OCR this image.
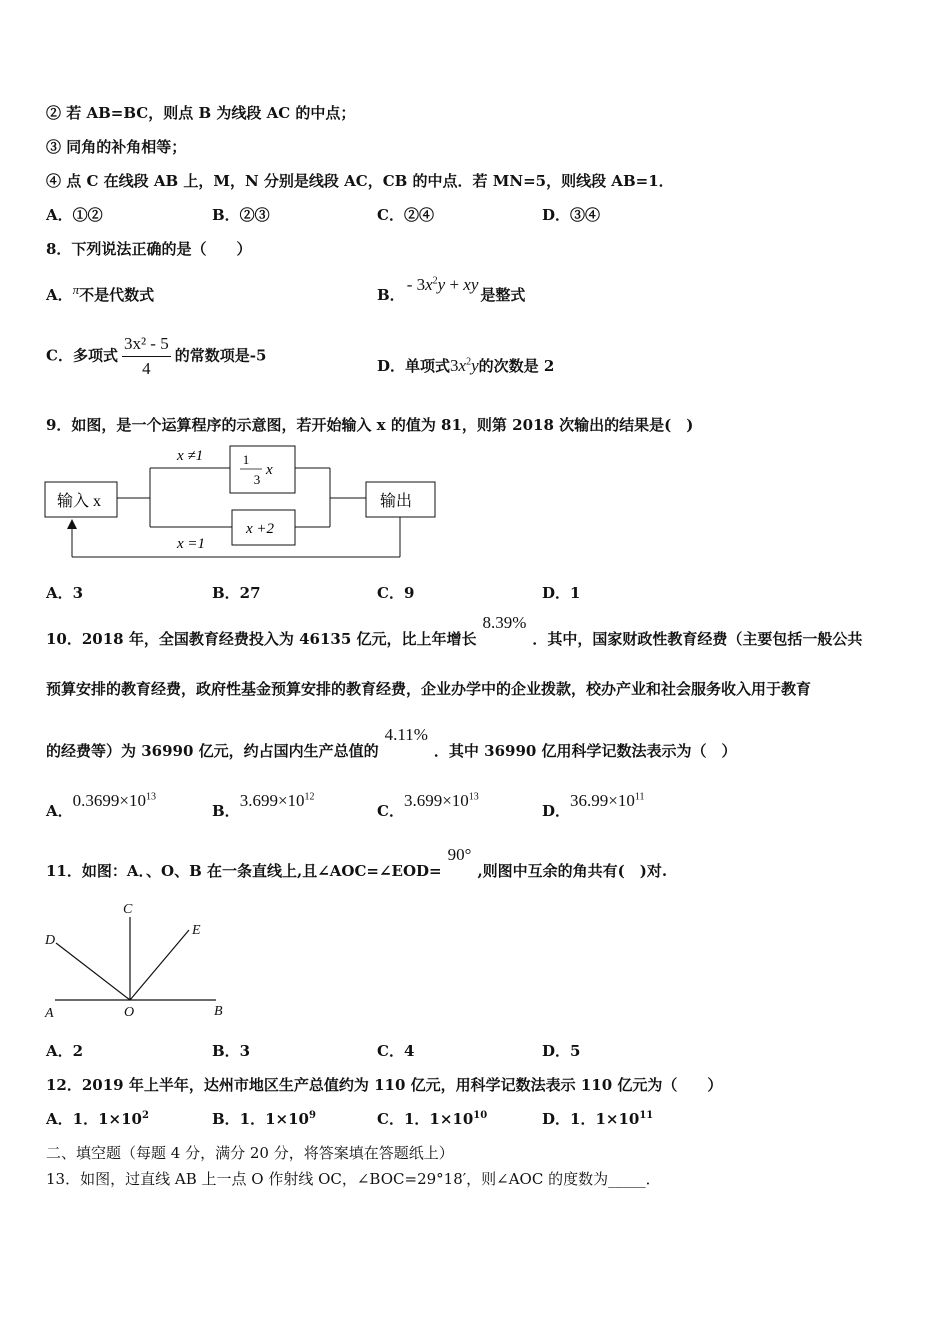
② 若 AB=BC，则点 B 为线段 AC 的中点；
③ 同角的补角相等；
④ 点 C 在线段 AB 上，M，N 分别是线段 AC，CB 的中点．若 MN=5，则线段 AB=1．
A．①②	B．②③	C．②④	D．③④
8．下列说法正确的是（　　）
A．π不是代数式	B．- $3x^2y$ + xy是整式
C．多项式 $\frac{\text{3x² - 5}}{4}$ 的常数项是-5
D．单项式$3x^2y$的次数是 2
9．如图，是一个运算程序的示意图，若开始输入 x 的值为 81，则第 2018 次输出的结果是(　)
输入 x	输出
x ≠1
x =1
1
3
x
x +2
A．3	B．27	C．9	D．1
10．2018 年，全国教育经费投入为 46135 亿元，比上年增长8.39%．其中，国家财政性教育经费（主要包括一般公共
预算安排的教育经费，政府性基金预算安排的教育经费，企业办学中的企业拨款，校办产业和社会服务收入用于教育
的经费等）为 36990 亿元，约占国内生产总值的4.11%．其中 36990 亿用科学记数法表示为（　）
A．$0.3699\times 10^{13}$
B．$3.699\times 10^{12}$
C．$3.699\times 10^{13}$
D．$36.99\times 10^{11}$
11．如图：A．、O、B 在一条直线上,且∠AOC=∠EOD=90°,则图中互余的角共有(　)对.
C
D
E
A	O	B
A．2	B．3	C．4	D．5
12．2019 年上半年，达州市地区生产总值约为 110 亿元，用科学记数法表示 110 亿元为（　　）
A．1．$1\times 10^2$	B．1．$1\times 10^9$	C．1．$1\times 10^{10}$	D．1．$1\times 10^{11}$
二、填空题（每题 4 分，满分 20 分，将答案填在答题纸上）
13．如图，过直线 AB 上一点 O 作射线 OC，∠BOC=29°18′，则∠AOC 的度数为_____．
